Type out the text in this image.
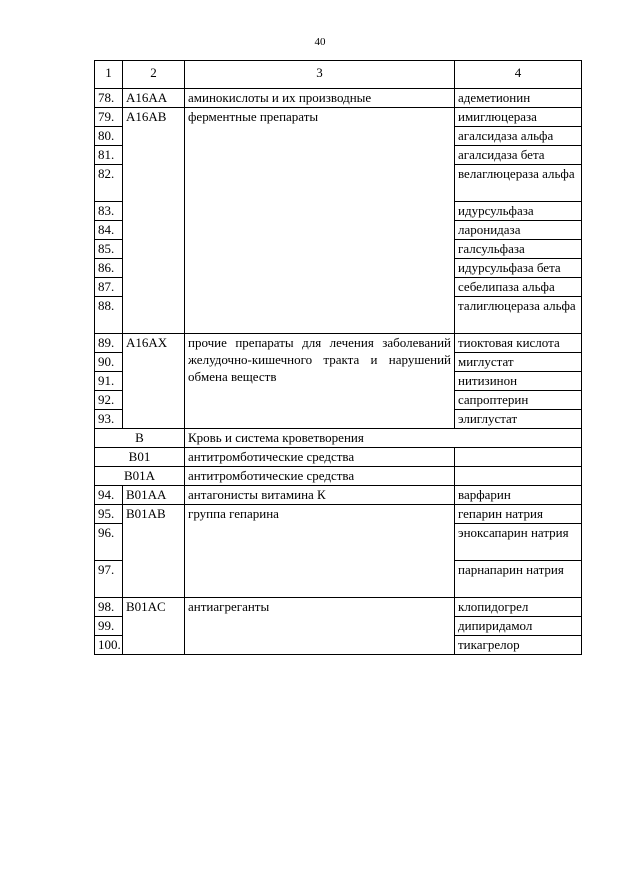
40
1	2	3	4
78.	A16AA	аминокислоты и их производные	адеметионин
79.	A16AB	ферментные препараты	имиглюцераза
80.			агалсидаза альфа
81.			агалсидаза бета
82.			велаглюцераза альфа
83.			идурсульфаза
84.			ларонидаза
85.			галсульфаза
86.			идурсульфаза бета
87.			себелипаза альфа
88.			талиглюцераза альфа
89.	A16AX	прочие препараты для лечения заболеваний желудочно-кишечного тракта и нарушений обмена веществ	тиоктовая кислота
90.			миглустат
91.			нитизинон
92.			сапроптерин
93.			элиглустат
B		Кровь и система кроветворения	
B01		антитромботические средства	
B01A		антитромботические средства	
94.	B01AA	антагонисты витамина К	варфарин
95.	B01AB	группа гепарина	гепарин натрия
96.			эноксапарин натрия
97.			парнапарин натрия
98.	B01AC	антиагреганты	клопидогрел
99.			дипиридамол
100.			тикагрелор
